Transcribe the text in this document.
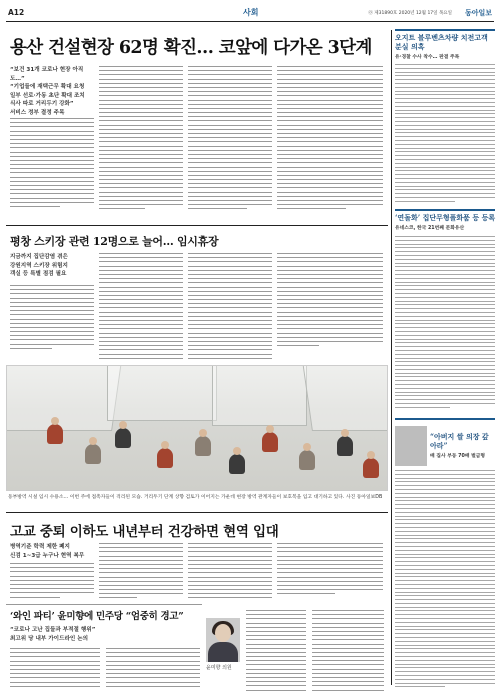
A12	사회	㉧ 제31890호 2020년 12월 17일 목요일 동아일보
용산 건설현장 62명 확진… 코앞에 다가온 3단계
“보건 31개 코로나 현장 아직도…”
“기업들에 재택근무 확대 요청
일부 선로·가동 초단 확대 조치
식사 따로 거리두기 강화”
서비스 정부 결정 주목
평창 스키장 관련 12명으로 늘어… 임시휴장
지금까지 집단감염 겪은
강원지역 스키장 위험지
객실 등 특별 점검 필요
동부방역 시설 임시 수용소… 이번 주에 접촉자들이 격리된 모습. 거리두기 단계 상향 검토가 이어지는 가운데 현장 방역 관계자들이 보호복을 입고 대기하고 있다. 사진 동아일보DB
고교 중퇴 이하도 내년부터 건강하면 현역 입대
병역기준 학력 제한 폐지
신검 1~3급 누구나 현역 복무
‘와인 파티’ 윤미향에 민주당 “엄중히 경고”
“코로나 고난 집들과 부적절 행위”
최고위 당 내부 가이드라인 논의
윤미향 의원
오지트 블루벤츠차량 치전고객 분실 의혹
유·경찰 수사 착수… 판결 주목
‘연돌화’ 집단무형폴화품 등 등록
유네스코, 한국 21번째 문화유산
“아버지 쌀 의장 갚아라”
배 집사 부동 70배 벌금형
